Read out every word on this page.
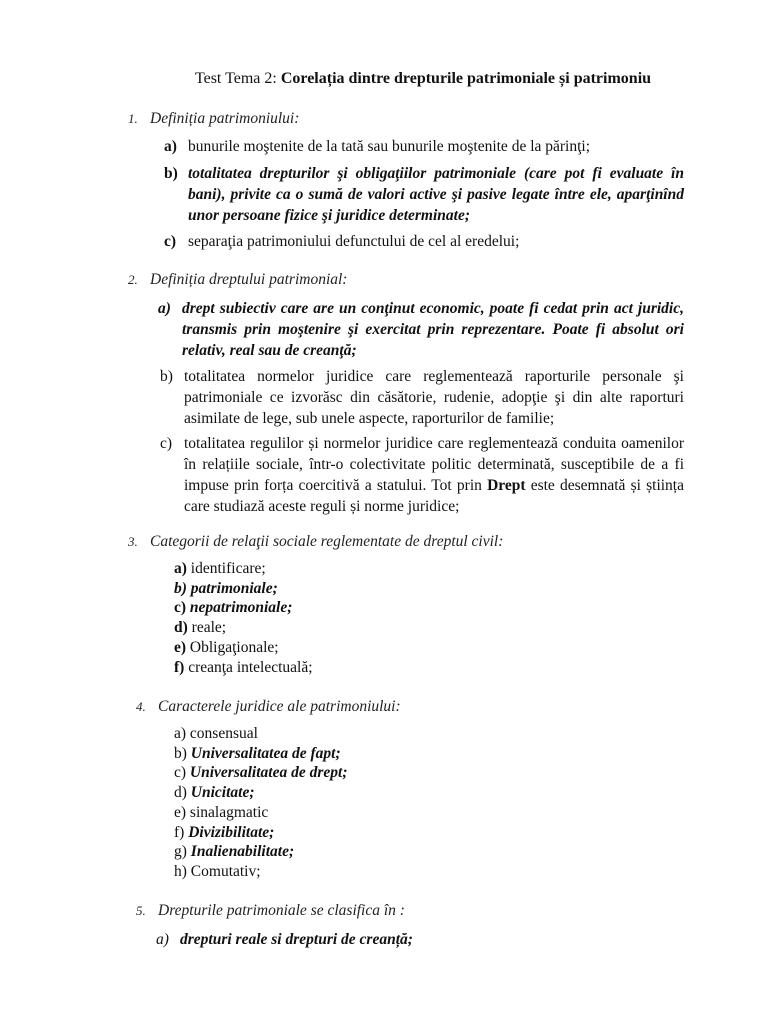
Test Tema 2: Corelația dintre drepturile patrimoniale și patrimoniu
1. Definiția patrimoniului:
a) bunurile moştenite de la tată sau bunurile moştenite de la părinţi;
b) totalitatea drepturilor şi obligaţiilor patrimoniale (care pot fi evaluate în bani), privite ca o sumă de valori active şi pasive legate între ele, aparţinînd unor persoane fizice şi juridice determinate;
c) separaţia patrimoniului defunctului de cel al eredelui;
2. Definiția dreptului patrimonial:
a) drept subiectiv care are un conţinut economic, poate fi cedat prin act juridic, transmis prin moştenire şi exercitat prin reprezentare. Poate fi absolut ori relativ, real sau de creanţă;
b) totalitatea normelor juridice care reglementează raporturile personale şi patrimoniale ce izvorăsc din căsătorie, rudenie, adopţie şi din alte raporturi asimilate de lege, sub unele aspecte, raporturilor de familie;
c) totalitatea regulilor și normelor juridice care reglementează conduita oamenilor în relațiile sociale, într-o colectivitate politic determinată, susceptibile de a fi impuse prin forța coercitivă a statului. Tot prin Drept este desemnată și știința care studiază aceste reguli și norme juridice;
3. Categorii de relaţii sociale reglementate de dreptul civil:
a) identificare;
b) patrimoniale;
c) nepatrimoniale;
d) reale;
e) Obligaţionale;
f) creanţa intelectuală;
4. Caracterele juridice ale patrimoniului:
a) consensual
b) Universalitatea de fapt;
c) Universalitatea de drept;
d) Unicitate;
e) sinalagmatic
f) Divizibilitate;
g) Inalienabilitate;
h) Comutativ;
5. Drepturile patrimoniale se clasifica în :
a) drepturi reale si drepturi de creanță;
